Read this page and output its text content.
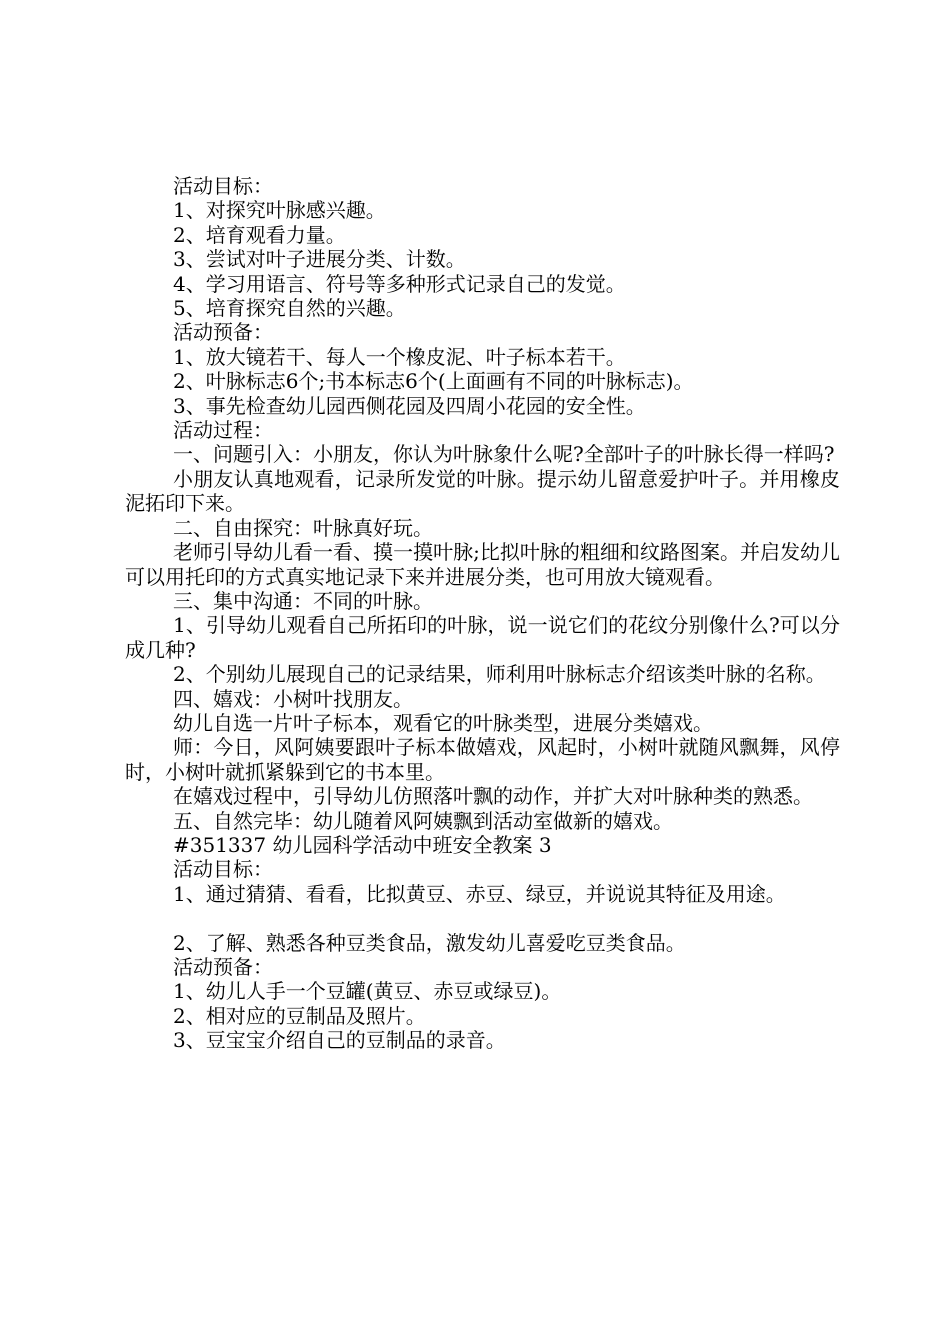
活动目标：

1、对探究叶脉感兴趣。

2、培育观看力量。

3、尝试对叶子进展分类、计数。

4、学习用语言、符号等多种形式记录自己的发觉。

5、培育探究自然的兴趣。

活动预备：

1、放大镜若干、每人一个橡皮泥、叶子标本若干。

2、叶脉标志6个;书本标志6个(上面画有不同的叶脉标志)。

3、事先检查幼儿园西侧花园及四周小花园的安全性。

活动过程：

一、问题引入：小朋友，你认为叶脉象什么呢?全部叶子的叶脉长得一样吗?

小朋友认真地观看，记录所发觉的叶脉。提示幼儿留意爱护叶子。并用橡皮泥拓印下来。

二、自由探究：叶脉真好玩。

老师引导幼儿看一看、摸一摸叶脉;比拟叶脉的粗细和纹路图案。并启发幼儿可以用托印的方式真实地记录下来并进展分类，也可用放大镜观看。

三、集中沟通：不同的叶脉。

1、引导幼儿观看自己所拓印的叶脉，说一说它们的花纹分别像什么?可以分成几种?

2、个别幼儿展现自己的记录结果，师利用叶脉标志介绍该类叶脉的名称。

四、嬉戏：小树叶找朋友。

幼儿自选一片叶子标本，观看它的叶脉类型，进展分类嬉戏。

师：今日，风阿姨要跟叶子标本做嬉戏，风起时，小树叶就随风飘舞，风停时，小树叶就抓紧躲到它的书本里。

在嬉戏过程中，引导幼儿仿照落叶飘的动作，并扩大对叶脉种类的熟悉。

五、自然完毕：幼儿随着风阿姨飘到活动室做新的嬉戏。

#351337 幼儿园科学活动中班安全教案 3

活动目标：

1、通过猜猜、看看，比拟黄豆、赤豆、绿豆，并说说其特征及用途。

2、了解、熟悉各种豆类食品，激发幼儿喜爱吃豆类食品。

活动预备：

1、幼儿人手一个豆罐(黄豆、赤豆或绿豆)。

2、相对应的豆制品及照片。

3、豆宝宝介绍自己的豆制品的录音。
